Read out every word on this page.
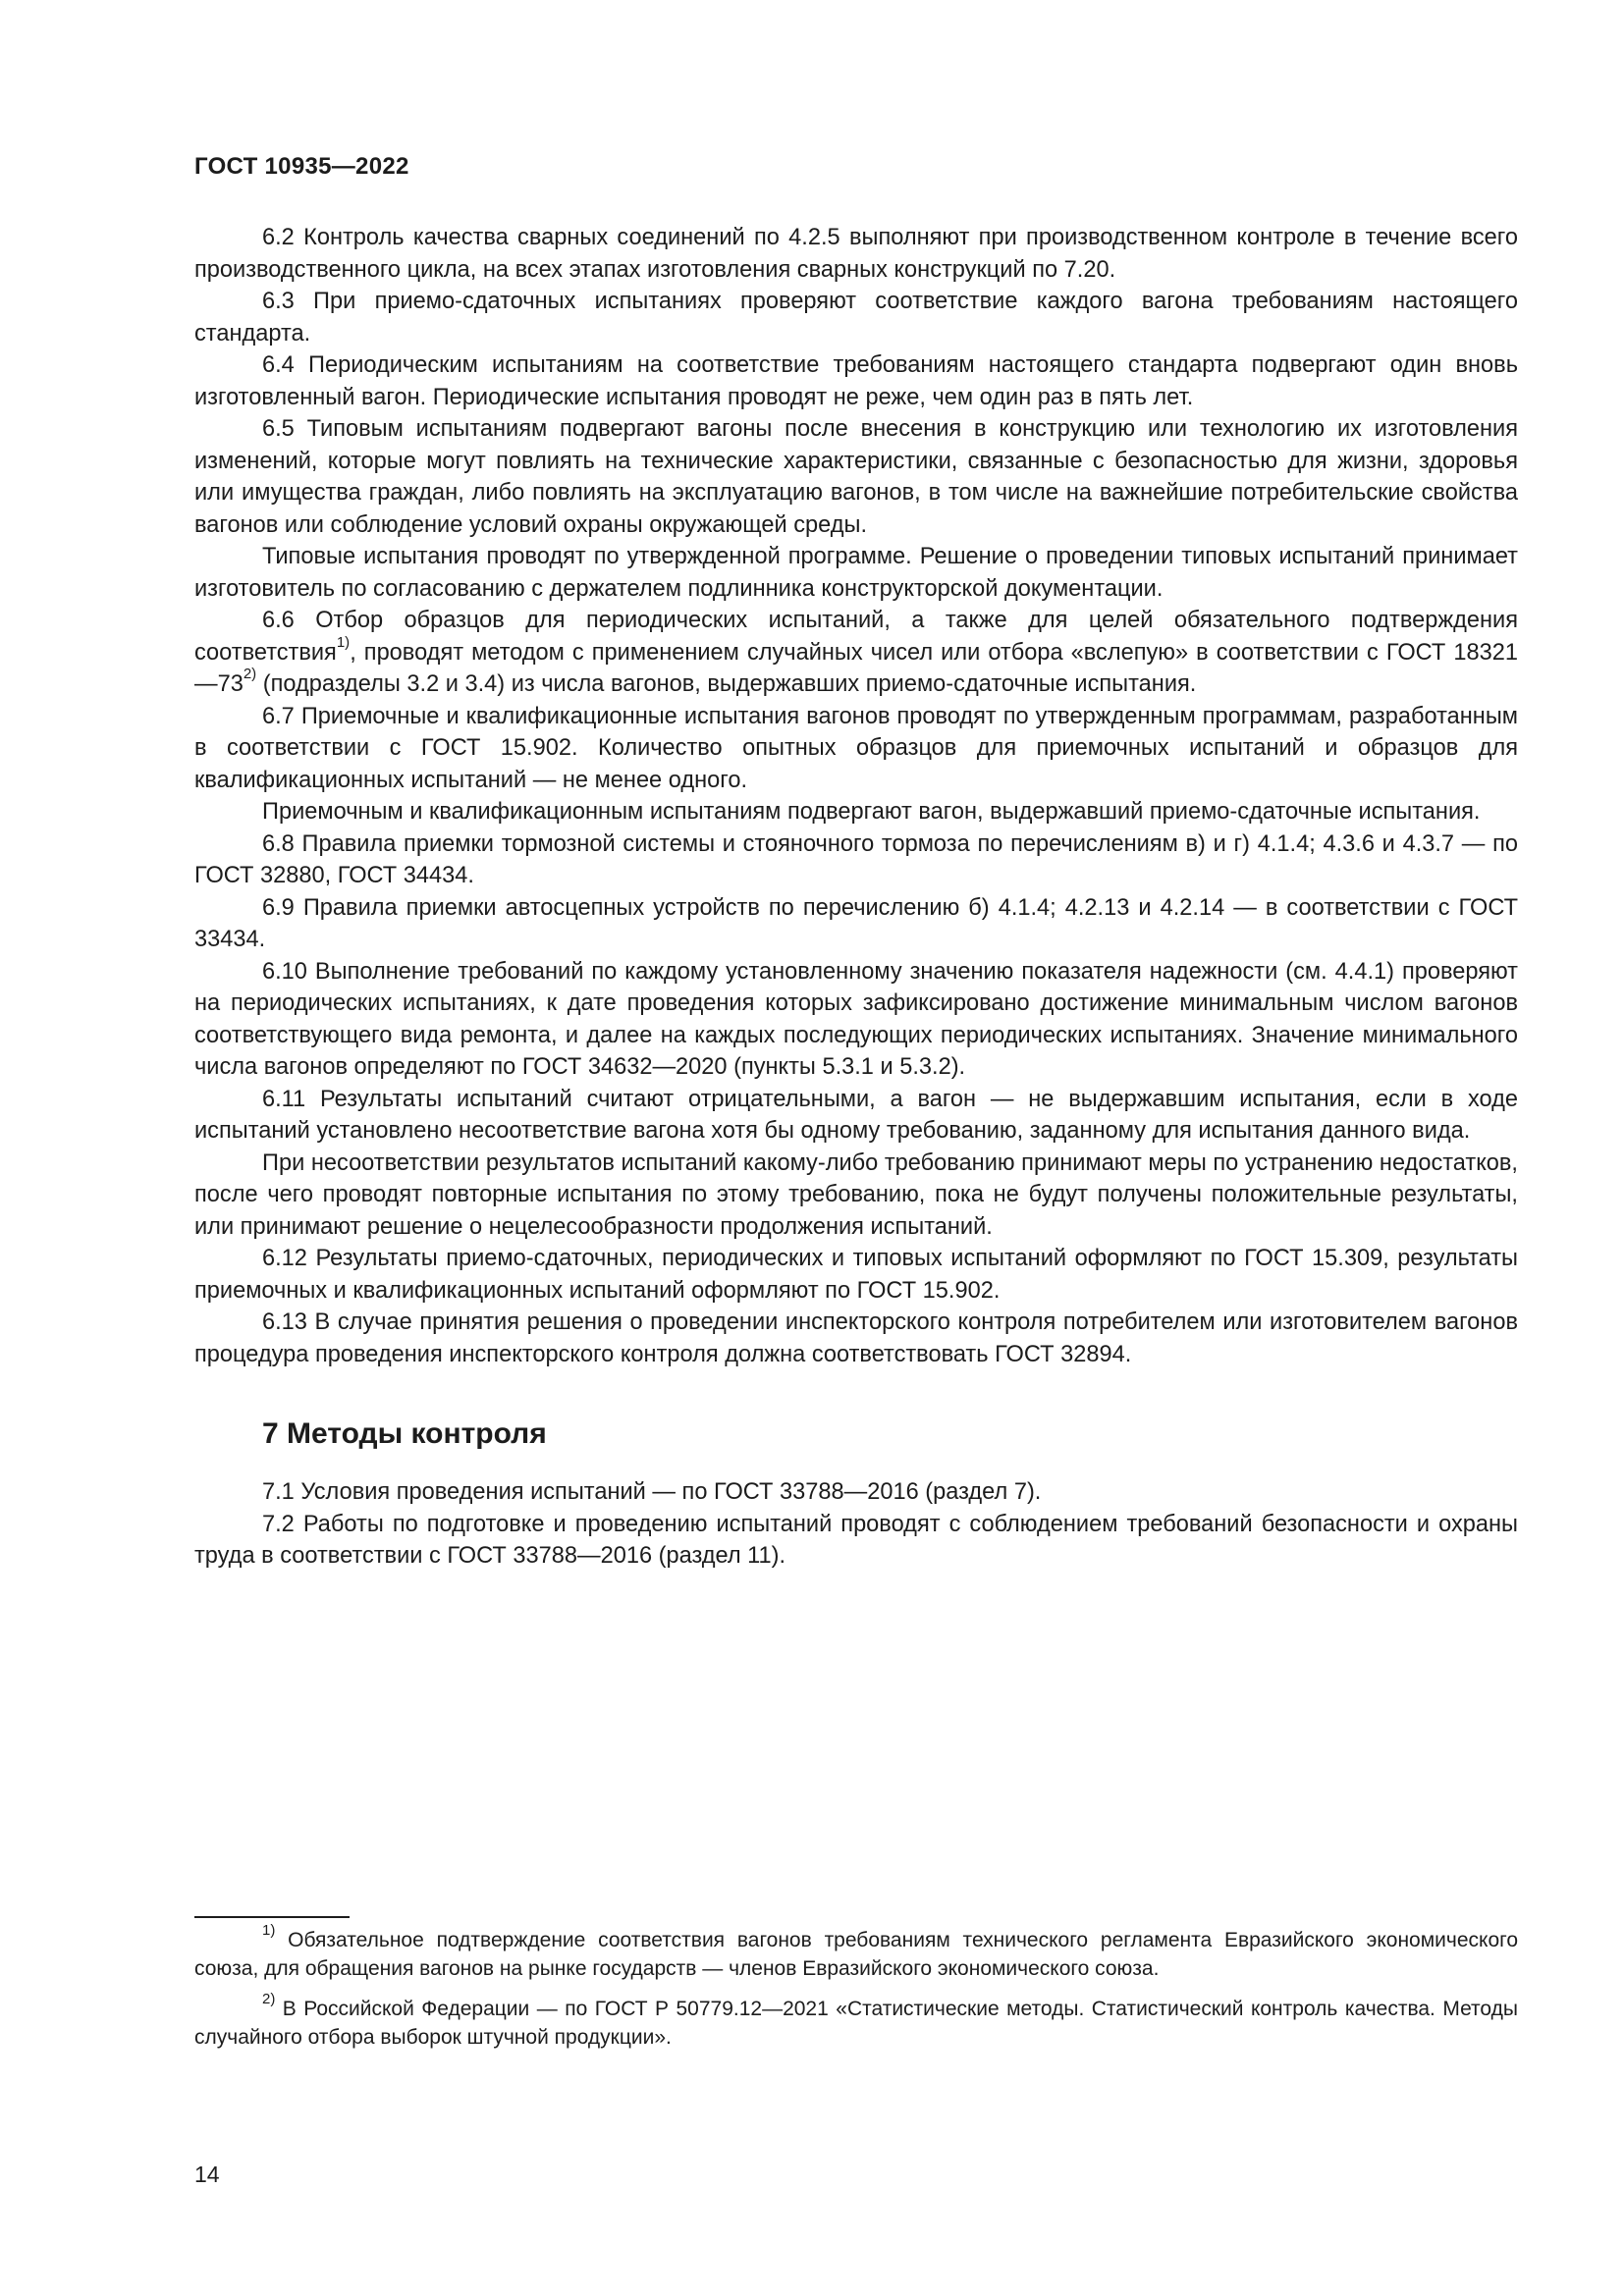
ГОСТ 10935—2022

6.2 Контроль качества сварных соединений по 4.2.5 выполняют при производственном контроле в течение всего производственного цикла, на всех этапах изготовления сварных конструкций по 7.20.

6.3 При приемо-сдаточных испытаниях проверяют соответствие каждого вагона требованиям настоящего стандарта.

6.4 Периодическим испытаниям на соответствие требованиям настоящего стандарта подвергают один вновь изготовленный вагон. Периодические испытания проводят не реже, чем один раз в пять лет.

6.5 Типовым испытаниям подвергают вагоны после внесения в конструкцию или технологию их изготовления изменений, которые могут повлиять на технические характеристики, связанные с безопасностью для жизни, здоровья или имущества граждан, либо повлиять на эксплуатацию вагонов, в том числе на важнейшие потребительские свойства вагонов или соблюдение условий охраны окружающей среды.

Типовые испытания проводят по утвержденной программе. Решение о проведении типовых испытаний принимает изготовитель по согласованию с держателем подлинника конструкторской документации.

6.6 Отбор образцов для периодических испытаний, а также для целей обязательного подтверждения соответствия$^{1)}$, проводят методом с применением случайных чисел или отбора «вслепую» в соответствии с ГОСТ 18321—73$^{2)}$ (подразделы 3.2 и 3.4) из числа вагонов, выдержавших приемо-сдаточные испытания.

6.7 Приемочные и квалификационные испытания вагонов проводят по утвержденным программам, разработанным в соответствии с ГОСТ 15.902. Количество опытных образцов для приемочных испытаний и образцов для квалификационных испытаний — не менее одного.

Приемочным и квалификационным испытаниям подвергают вагон, выдержавший приемо-сдаточные испытания.

6.8 Правила приемки тормозной системы и стояночного тормоза по перечислениям в) и г) 4.1.4; 4.3.6 и 4.3.7 — по ГОСТ 32880, ГОСТ 34434.

6.9 Правила приемки автосцепных устройств по перечислению б) 4.1.4; 4.2.13 и 4.2.14 — в соответствии с ГОСТ 33434.

6.10 Выполнение требований по каждому установленному значению показателя надежности (см. 4.4.1) проверяют на периодических испытаниях, к дате проведения которых зафиксировано достижение минимальным числом вагонов соответствующего вида ремонта, и далее на каждых последующих периодических испытаниях. Значение минимального числа вагонов определяют по ГОСТ 34632—2020 (пункты 5.3.1 и 5.3.2).

6.11 Результаты испытаний считают отрицательными, а вагон — не выдержавшим испытания, если в ходе испытаний установлено несоответствие вагона хотя бы одному требованию, заданному для испытания данного вида.

При несоответствии результатов испытаний какому-либо требованию принимают меры по устранению недостатков, после чего проводят повторные испытания по этому требованию, пока не будут получены положительные результаты, или принимают решение о нецелесообразности продолжения испытаний.

6.12 Результаты приемо-сдаточных, периодических и типовых испытаний оформляют по ГОСТ 15.309, результаты приемочных и квалификационных испытаний оформляют по ГОСТ 15.902.

6.13 В случае принятия решения о проведении инспекторского контроля потребителем или изготовителем вагонов процедура проведения инспекторского контроля должна соответствовать ГОСТ 32894.

7 Методы контроля

7.1 Условия проведения испытаний — по ГОСТ 33788—2016 (раздел 7).

7.2 Работы по подготовке и проведению испытаний проводят с соблюдением требований безопасности и охраны труда в соответствии с ГОСТ 33788—2016 (раздел 11).

$^{1)}$ Обязательное подтверждение соответствия вагонов требованиям технического регламента Евразийского экономического союза, для обращения вагонов на рынке государств — членов Евразийского экономического союза.

$^{2)}$ В Российской Федерации — по ГОСТ Р 50779.12—2021 «Статистические методы. Статистический контроль качества. Методы случайного отбора выборок штучной продукции».

14
